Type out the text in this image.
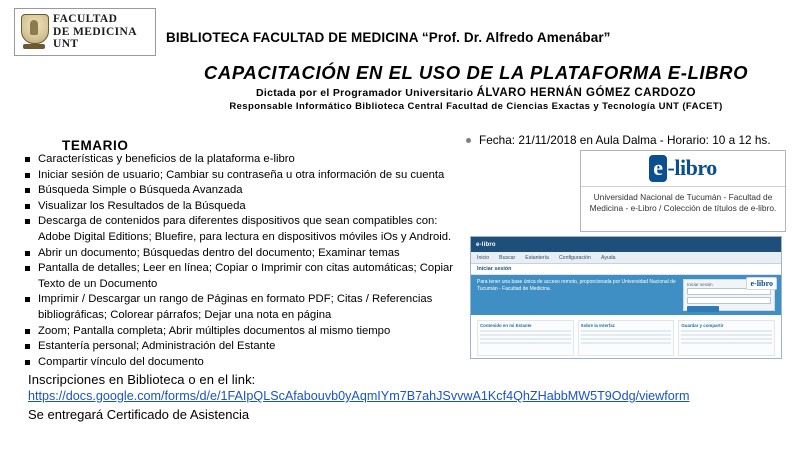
FACULTAD
DE MEDICINA
UNT	BIBLIOTECA FACULTAD DE MEDICINA “Prof. Dr. Alfredo Amenábar”
CAPACITACIÓN EN EL USO DE LA PLATAFORMA E-LIBRO
Dictada por el Programador Universitario ÁLVARO HERNÁN GÓMEZ CARDOZO
Responsable Informático Biblioteca Central Facultad de Ciencias Exactas y Tecnología UNT (FACET)
TEMARIO
Características y beneficios de la plataforma e-libro
Iniciar sesión de usuario; Cambiar su contraseña u otra información de su cuenta
Búsqueda Simple o Búsqueda Avanzada
Visualizar los Resultados de la Búsqueda
Descarga de contenidos para diferentes dispositivos que sean compatibles con: Adobe Digital Editions; Bluefire, para lectura en dispositivos móviles iOs y Android.
Abrir un documento; Búsquedas dentro del documento; Examinar temas
Pantalla de detalles; Leer en línea; Copiar o Imprimir con citas automáticas; Copiar Texto de un Documento
Imprimir / Descargar un rango de Páginas en formato PDF; Citas / Referencias bibliográficas; Colorear párrafos; Dejar una nota en página
Zoom; Pantalla completa; Abrir múltiples documentos al mismo tiempo
Estantería personal; Administración del Estante
Compartir vínculo del documento
Fecha: 21/11/2018 en Aula Dalma - Horario: 10 a 12 hs.
e -libro
Universidad Nacional de Tucumán - Facultad de Medicina - e-Libro / Colección de títulos de e-libro.
e-libro
Inicio Buscar Estantería Configuración Ayuda
Iniciar sesión
Para tener una base única de acceso remoto, proporcionada por Universidad Nacional de Tucumán - Facultad de Medicina.
Iniciar sesión
Contenido en mi Estante	Sobre la Interfaz	Guardar y compartir
e-libro
Inscripciones en Biblioteca o en el link:
https://docs.google.com/forms/d/e/1FAIpQLScAfabouvb0yAqmIYm7B7ahJSvvwA1Kcf4QhZHabbMW5T9Odg/viewform
Se entregará Certificado de Asistencia
